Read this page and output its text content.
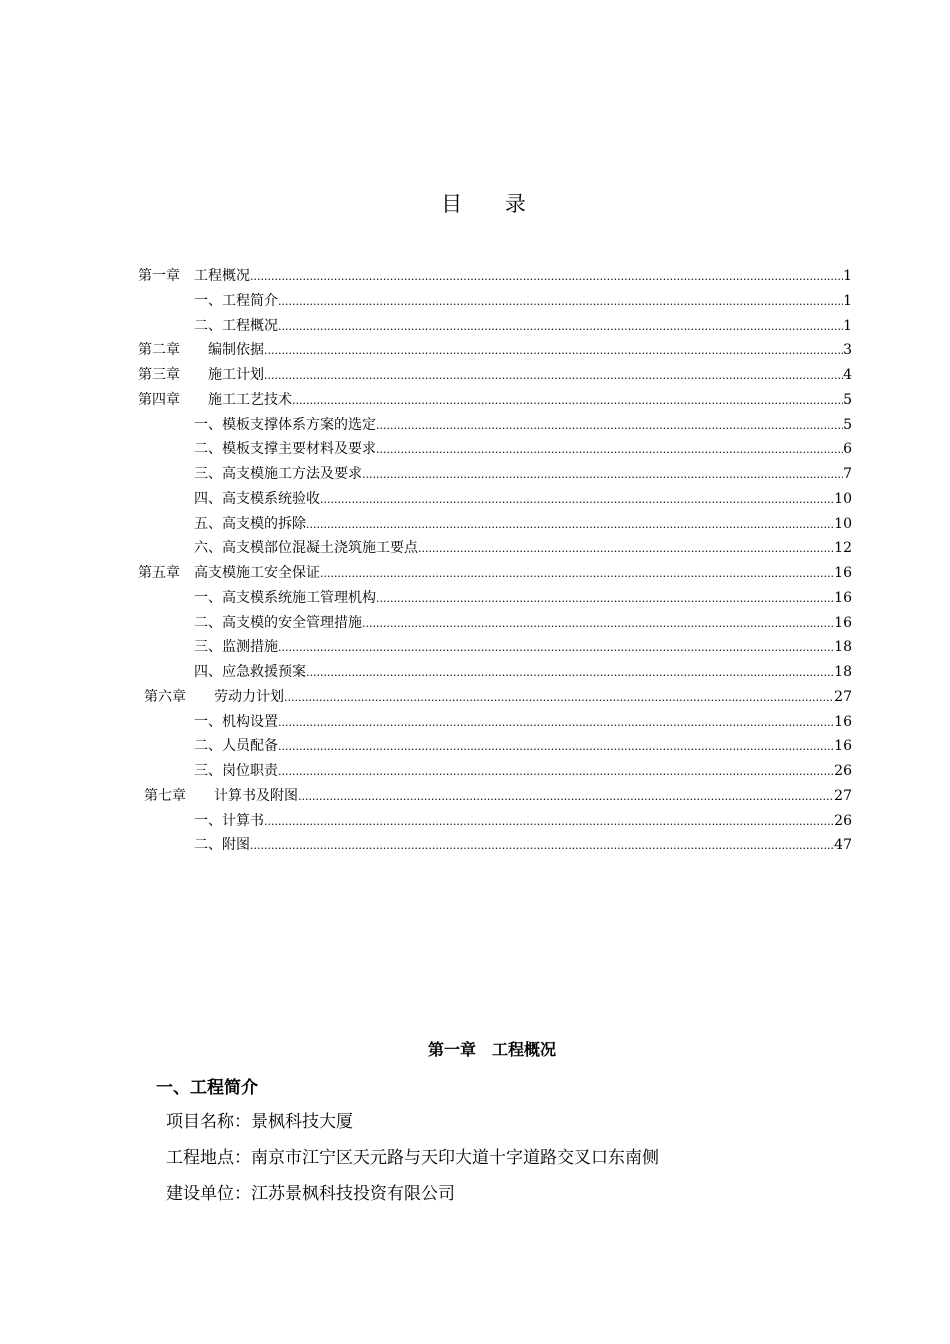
目 录
第一章　工程概况 .....	1
一、工程简介 .....	1
二、工程概况 .....	1
第二章　　编制依据 .....	3
第三章　　施工计划 .....	4
第四章　　施工工艺技术 .....	5
一、模板支撑体系方案的选定 .....	5
二、模板支撑主要材料及要求 .....	6
三、高支模施工方法及要求 .....	7
四、高支模系统验收 .....	10
五、高支模的拆除 .....	10
六、高支模部位混凝土浇筑施工要点 .....	12
第五章　高支模施工安全保证 .....	16
一、高支模系统施工管理机构 .....	16
二、高支模的安全管理措施 .....	16
三、监测措施 .....	18
四、应急救援预案 .....	18
第六章　　劳动力计划 .....	27
一、机构设置 .....	16
二、人员配备 .....	16
三、岗位职责 .....	26
第七章　　计算书及附图 .....	27
一、计算书 .....	26
二、附图 .....	47
第一章　工程概况
一、工程简介
项目名称：景枫科技大厦
工程地点：南京市江宁区天元路与天印大道十字道路交叉口东南侧
建设单位：江苏景枫科技投资有限公司
